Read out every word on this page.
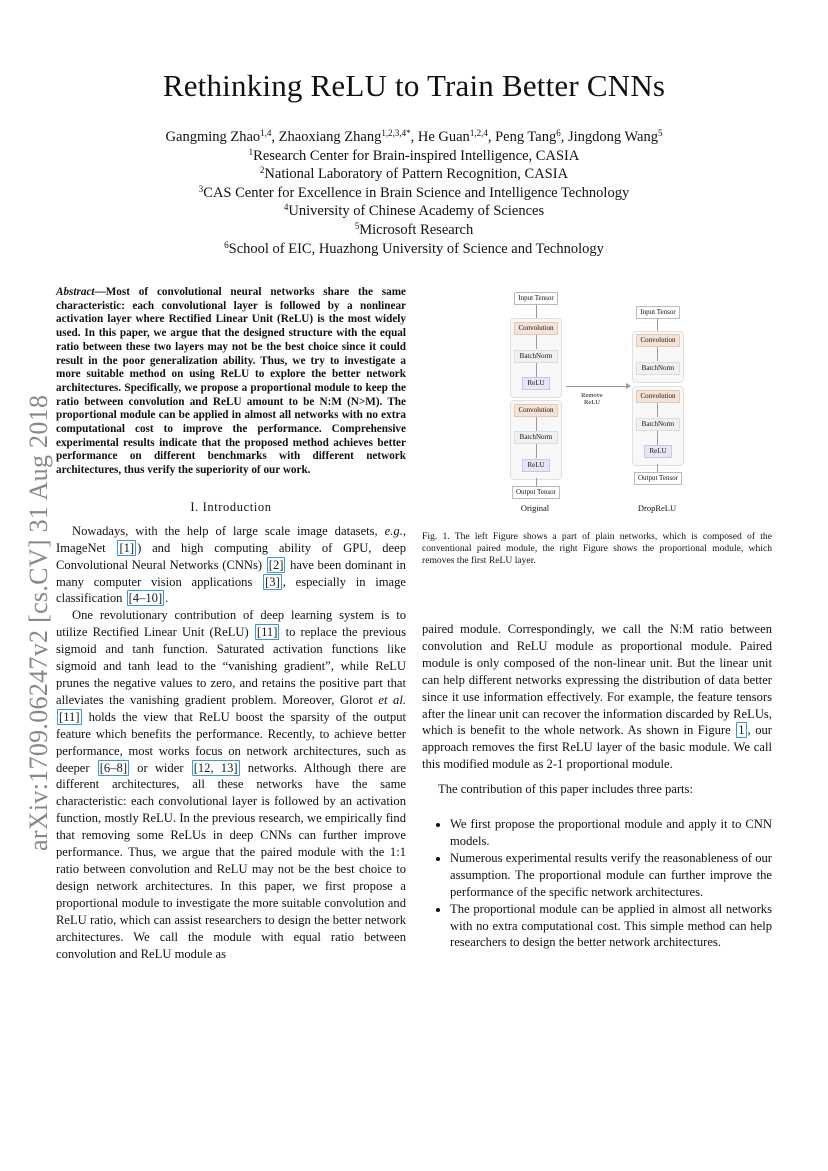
arXiv:1709.06247v2 [cs.CV] 31 Aug 2018
Rethinking ReLU to Train Better CNNs
Gangming Zhao$^{1,4}$, Zhaoxiang Zhang$^{1,2,3,4*}$, He Guan$^{1,2,4}$, Peng Tang$^6$, Jingdong Wang$^5$
$^1$Research Center for Brain-inspired Intelligence, CASIA
$^2$National Laboratory of Pattern Recognition, CASIA
$^3$CAS Center for Excellence in Brain Science and Intelligence Technology
$^4$University of Chinese Academy of Sciences
$^5$Microsoft Research
$^6$School of EIC, Huazhong University of Science and Technology
Abstract—Most of convolutional neural networks share the same characteristic: each convolutional layer is followed by a nonlinear activation layer where Rectified Linear Unit (ReLU) is the most widely used. In this paper, we argue that the designed structure with the equal ratio between these two layers may not be the best choice since it could result in the poor generalization ability. Thus, we try to investigate a more suitable method on using ReLU to explore the better network architectures. Specifically, we propose a proportional module to keep the ratio between convolution and ReLU amount to be N:M (N>M). The proportional module can be applied in almost all networks with no extra computational cost to improve the performance. Comprehensive experimental results indicate that the proposed method achieves better performance on different benchmarks with different network architectures, thus verify the superiority of our work.
I. Introduction

Nowadays, with the help of large scale image datasets, e.g., ImageNet [1] ) and high computing ability of GPU, deep Convolutional Neural Networks (CNNs) [2] have been dominant in many computer vision applications [3] , especially in image classification [4–10] .

One revolutionary contribution of deep learning system is to utilize Rectified Linear Unit (ReLU) [11] to replace the previous sigmoid and tanh function. Saturated activation functions like sigmoid and tanh lead to the “vanishing gradient”, while ReLU prunes the negative values to zero, and retains the positive part that alleviates the vanishing gradient problem. Moreover, Glorot et al. [11] holds the view that ReLU boost the sparsity of the output feature which benefits the performance. Recently, to achieve better performance, most works focus on network architectures, such as deeper [6–8] or wider [12, 13] networks. Although there are different architectures, all these networks have the same characteristic: each convolutional layer is followed by an activation function, mostly ReLU. In the previous research, we empirically find that removing some ReLUs in deep CNNs can further improve performance. Thus, we argue that the paired module with the 1:1 ratio between convolution and ReLU may not be the best choice to design network architectures. In this paper, we first propose a proportional module to investigate the more suitable convolution and ReLU ratio, which can assist researchers to design the better network architectures. We call the module with equal ratio between convolution and ReLU module as

Input Tensor
Convolution
BatchNorm
ReLU
Convolution
BatchNorm
ReLU
Output Tensor
Original
Remove
ReLU
Input Tensor
Convolution
BatchNorm
Convolution
BatchNorm
ReLU
Output Tensor
DropReLU
Fig. 1. The left Figure shows a part of plain networks, which is composed of the conventional paired module, the right Figure shows the proportional module, which removes the first ReLU layer.

paired module. Correspondingly, we call the N:M ratio between convolution and ReLU module as proportional module. Paired module is only composed of the non-linear unit. But the linear unit can help different networks expressing the distribution of data better since it use information effectively. For example, the feature tensors after the linear unit can recover the information discarded by ReLUs, which is benefit to the whole network. As shown in Figure 1 , our approach removes the first ReLU layer of the basic module. We call this modified module as 2-1 proportional module.

The contribution of this paper includes three parts:

• We first propose the proportional module and apply it to CNN models.
• Numerous experimental results verify the reasonableness of our assumption. The proportional module can further improve the performance of the specific network architectures.
• The proportional module can be applied in almost all networks with no extra computational cost. This simple method can help researchers to design the better network architectures.
